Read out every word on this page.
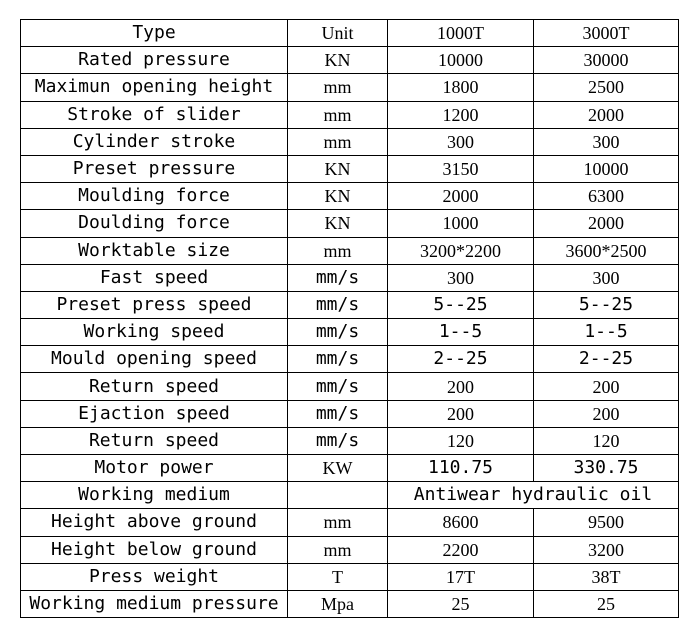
Type	Unit	1000T	3000T
Rated pressure	KN	10000	30000
Maximun opening height	mm	1800	2500
Stroke of slider	mm	1200	2000
Cylinder stroke	mm	300	300
Preset pressure	KN	3150	10000
Moulding force	KN	2000	6300
Doulding force	KN	1000	2000
Worktable size	mm	3200*2200	3600*2500
Fast speed	mm/s	300	300
Preset press speed	mm/s	5--25	5--25
Working speed	mm/s	1--5	1--5
Mould opening speed	mm/s	2--25	2--25
Return speed	mm/s	200	200
Ejaction speed	mm/s	200	200
Return speed	mm/s	120	120
Motor power	KW	110.75	330.75
Working medium		Antiwear hydraulic oil	
Height above ground	mm	8600	9500
Height below ground	mm	2200	3200
Press weight	T	17T	38T
Working medium pressure	Mpa	25	25
